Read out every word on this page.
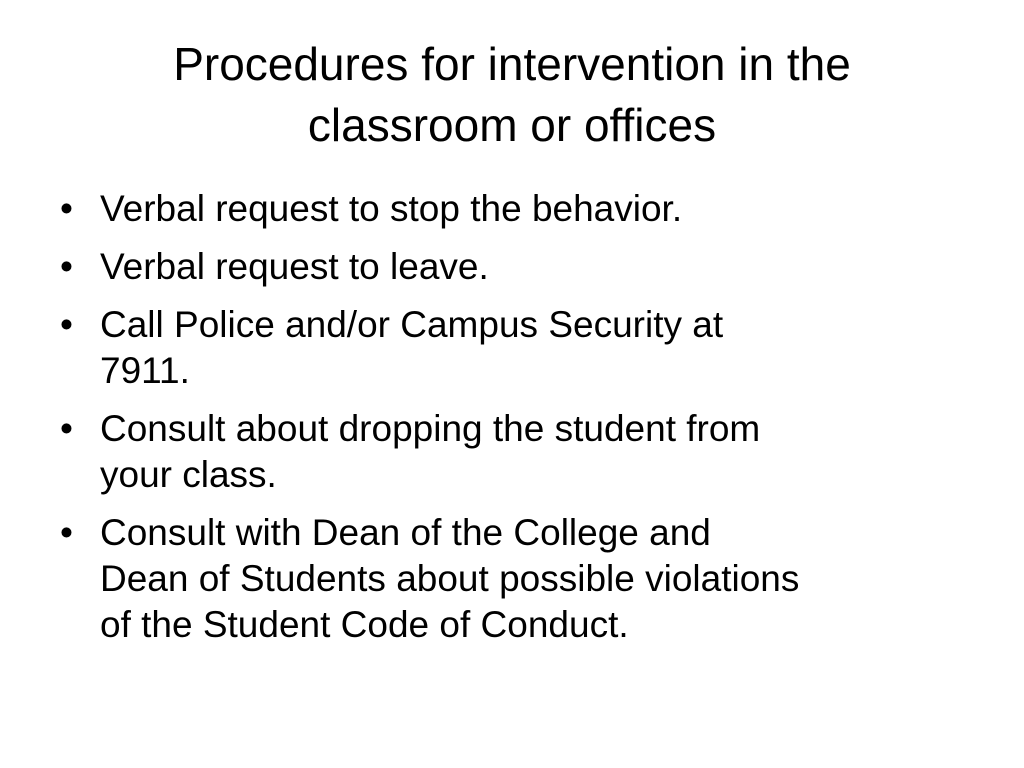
Procedures for intervention in the
classroom or offices
• Verbal request to stop the behavior.
• Verbal request to leave.
• Call Police and/or Campus Security at
7911.
• Consult about dropping the student from
your class.
• Consult with Dean of the College and
Dean of Students about possible violations
of the Student Code of Conduct.
